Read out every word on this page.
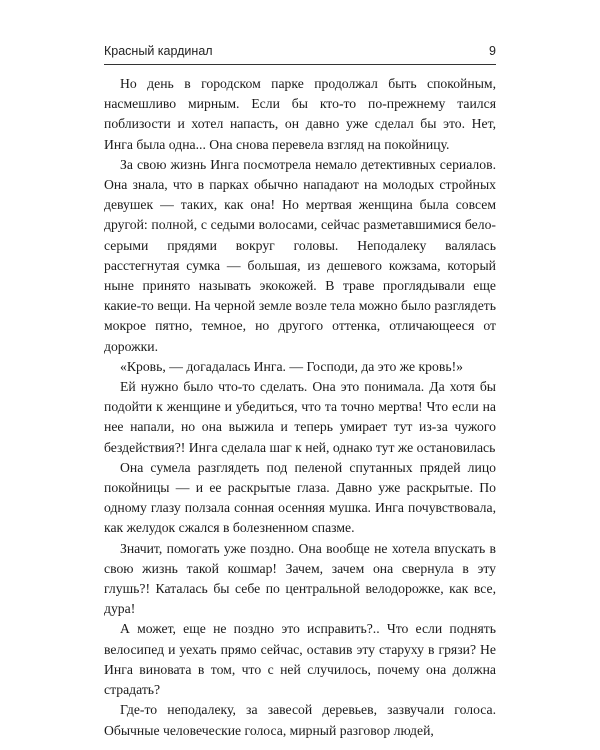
Красный кардинал	9

Но день в городском парке продолжал быть спокойным, насмешливо мирным. Если бы кто-то по-прежнему таился поблизости и хотел напасть, он давно уже сделал бы это. Нет, Инга была одна... Она снова перевела взгляд на покойницу.

За свою жизнь Инга посмотрела немало детективных сериалов. Она знала, что в парках обычно нападают на молодых стройных девушек — таких, как она! Но мертвая женщина была совсем другой: полной, с седыми волосами, сейчас разметавшимися бело-серыми прядями вокруг головы. Неподалеку валялась расстегнутая сумка — большая, из дешевого кожзама, который ныне принято называть экокожей. В траве проглядывали еще какие-то вещи. На черной земле возле тела можно было разглядеть мокрое пятно, темное, но другого оттенка, отличающееся от дорожки.

«Кровь, — догадалась Инга. — Господи, да это же кровь!»

Ей нужно было что-то сделать. Она это понимала. Да хотя бы подойти к женщине и убедиться, что та точно мертва! Что если на нее напали, но она выжила и теперь умирает тут из-за чужого бездействия?! Инга сделала шаг к ней, однако тут же остановилась

Она сумела разглядеть под пеленой спутанных прядей лицо покойницы — и ее раскрытые глаза. Давно уже раскрытые. По одному глазу ползала сонная осенняя мушка. Инга почувствовала, как желудок сжался в болезненном спазме.

Значит, помогать уже поздно. Она вообще не хотела впускать в свою жизнь такой кошмар! Зачем, зачем она свернула в эту глушь?! Каталась бы себе по центральной велодорожке, как все, дура!

А может, еще не поздно это исправить?.. Что если поднять велосипед и уехать прямо сейчас, оставив эту старуху в грязи? Не Инга виновата в том, что с ней случилось, почему она должна страдать?

Где-то неподалеку, за завесой деревьев, зазвучали голоса. Обычные человеческие голоса, мирный разговор людей,
